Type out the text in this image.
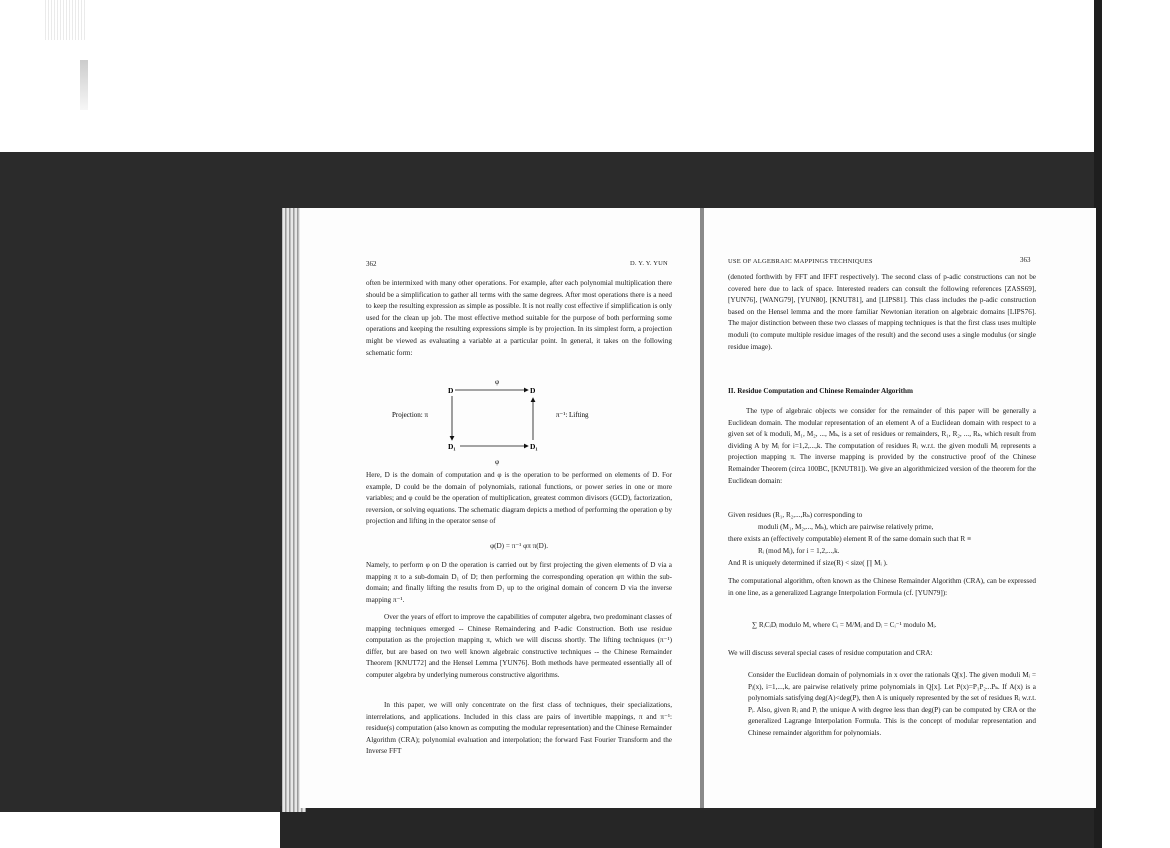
362	D. Y. Y. YUN

often be intermixed with many other operations. For example, after each polynomial multiplication there should be a simplification to gather all terms with the same degrees. After most operations there is a need to keep the resulting expression as simple as possible. It is not really cost effective if simplification is only used for the clean up job. The most effective method suitable for the purpose of both performing some operations and keeping the resulting expressions simple is by projection. In its simplest form, a projection might be viewed as evaluating a variable at a particular point. In general, it takes on the following schematic form:

φ
D	D
D₁	D₁
φ
Projection: π	π⁻¹: Lifting

Here, D is the domain of computation and φ is the operation to be performed on elements of D. For example, D could be the domain of polynomials, rational functions, or power series in one or more variables; and φ could be the operation of multiplication, greatest common divisors (GCD), factorization, reversion, or solving equations. The schematic diagram depicts a method of performing the operation φ by projection and lifting in the operator sense of

φ(D) = π⁻¹ φπ π(D).

Namely, to perform φ on D the operation is carried out by first projecting the given elements of D via a mapping π to a sub-domain D₁ of D; then performing the corresponding operation φπ within the sub-domain; and finally lifting the results from D₁ up to the original domain of concern D via the inverse mapping π⁻¹.

Over the years of effort to improve the capabilities of computer algebra, two predominant classes of mapping techniques emerged -- Chinese Remaindering and P-adic Construction. Both use residue computation as the projection mapping π, which we will discuss shortly. The lifting techniques (π⁻¹) differ, but are based on two well known algebraic constructive techniques -- the Chinese Remainder Theorem [KNUT72] and the Hensel Lemma [YUN76]. Both methods have permeated essentially all of computer algebra by underlying numerous constructive algorithms.

In this paper, we will only concentrate on the first class of techniques, their specializations, interrelations, and applications. Included in this class are pairs of invertible mappings, π and π⁻¹: residue(s) computation (also known as computing the modular representation) and the Chinese Remainder Algorithm (CRA); polynomial evaluation and interpolation; the forward Fast Fourier Transform and the Inverse FFT

USE OF ALGEBRAIC MAPPINGS TECHNIQUES	363

(denoted forthwith by FFT and IFFT respectively). The second class of p-adic constructions can not be covered here due to lack of space. Interested readers can consult the following references [ZASS69], [YUN76], [WANG79], [YUN80], [KNUT81], and [LIPS81]. This class includes the p-adic construction based on the Hensel lemma and the more familiar Newtonian iteration on algebraic domains [LIPS76]. The major distinction between these two classes of mapping techniques is that the first class uses multiple moduli (to compute multiple residue images of the result) and the second uses a single modulus (or single residue image).

II. Residue Computation and Chinese Remainder Algorithm

The type of algebraic objects we consider for the remainder of this paper will be generally a Euclidean domain. The modular representation of an element A of a Euclidean domain with respect to a given set of k moduli, M₁, M₂, ..., Mₖ, is a set of residues or remainders, R₁, R₂, ..., Rₖ, which result from dividing A by Mᵢ for i=1,2,...,k. The computation of residues Rᵢ w.r.t. the given moduli Mᵢ represents a projection mapping π. The inverse mapping is provided by the constructive proof of the Chinese Remainder Theorem (circa 100BC, [KNUT81]). We give an algorithmicized version of the theorem for the Euclidean domain:

Given residues (R₁, R₂,...,Rₖ) corresponding to
moduli (M₁, M₂,..., Mₖ), which are pairwise relatively prime,
there exists an (effectively computable) element R of the same domain such that R ≡
Rᵢ (mod Mᵢ), for i = 1,2,...,k.
And R is uniquely determined if size(R) < size( ∏ Mᵢ ).

The computational algorithm, often known as the Chinese Remainder Algorithm (CRA), can be expressed in one line, as a generalized Lagrange Interpolation Formula (cf. [YUN79]):

∑ RᵢCᵢDᵢ modulo M, where Cᵢ = M/Mᵢ and Dᵢ = Cᵢ⁻¹ modulo Mᵢ.

We will discuss several special cases of residue computation and CRA:

Consider the Euclidean domain of polynomials in x over the rationals Q[x]. The given moduli Mᵢ = Pᵢ(x), i=1,...,k, are pairwise relatively prime polynomials in Q[x]. Let P(x)=P₁P₂...Pₖ. If A(x) is a polynomials satisfying deg(A)<deg(P), then A is uniquely represented by the set of residues Rᵢ w.r.t. Pᵢ. Also, given Rᵢ and Pᵢ the unique A with degree less than deg(P) can be computed by CRA or the generalized Lagrange Interpolation Formula. This is the concept of modular representation and Chinese remainder algorithm for polynomials.
